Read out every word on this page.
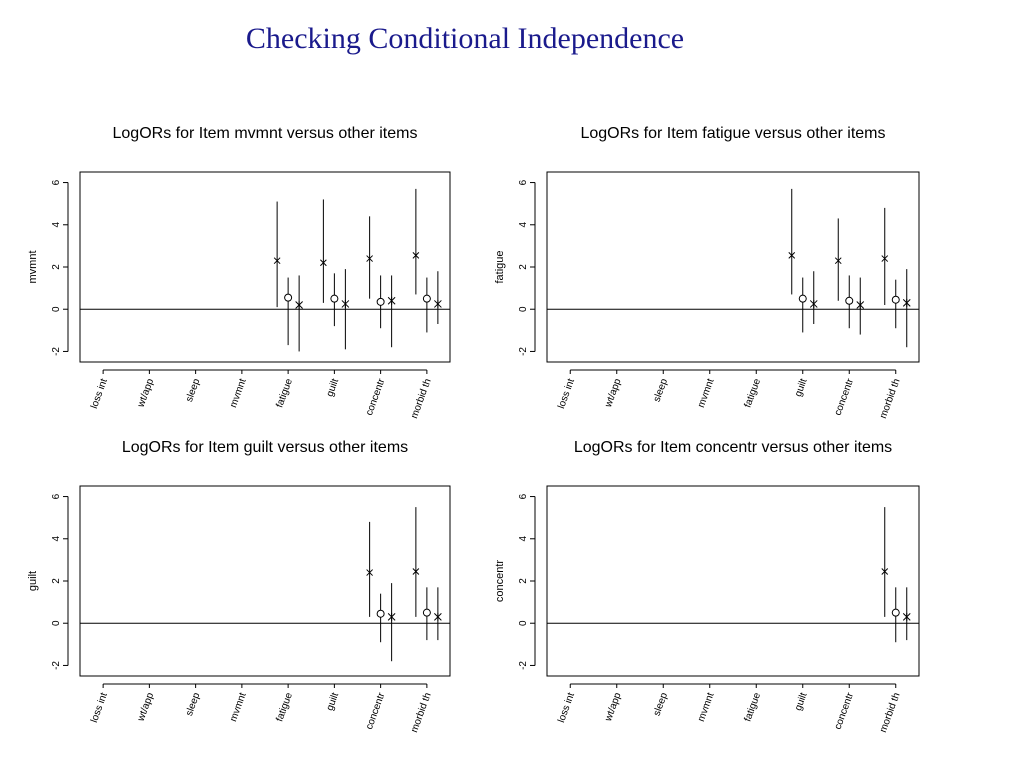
Checking Conditional Independence
LogORs for Item mvmnt versus other items
-2
0
2
4
6
mvmnt
loss int	wt/app	sleep	mvmnt	fatigue	guilt concentr morbid th
LogORs for Item fatigue versus other items
-2
0
2
4
6
fatigue
loss int	wt/app	sleep	mvmnt	fatigue	guilt concentr morbid th
LogORs for Item guilt versus other items
-2
0
2
4
6
guilt
loss int	wt/app	sleep	mvmnt	fatigue	guilt concentr morbid th
LogORs for Item concentr versus other items
-2
0
2
4
6
concentr
loss int	wt/app	sleep	mvmnt	fatigue	guilt concentr morbid th
